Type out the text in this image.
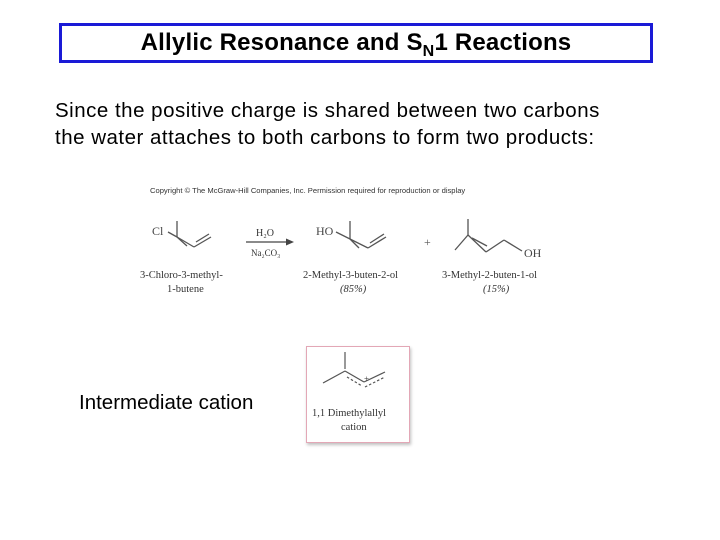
Allylic Resonance and $S_N1$ Reactions
Since the positive charge is shared between two carbons
the water attaches to both carbons to form two products:
Copyright © The McGraw-Hill Companies, Inc. Permission required for reproduction or display
Cl	H₂O
Na₂CO₃
HO
+
OH
3-Chloro-3-methyl-
1-butene
2-Methyl-3-buten-2-ol
(85%)
3-Methyl-2-buten-1-ol
(15%)
Intermediate cation
+
1,1 Dimethylallyl
cation
